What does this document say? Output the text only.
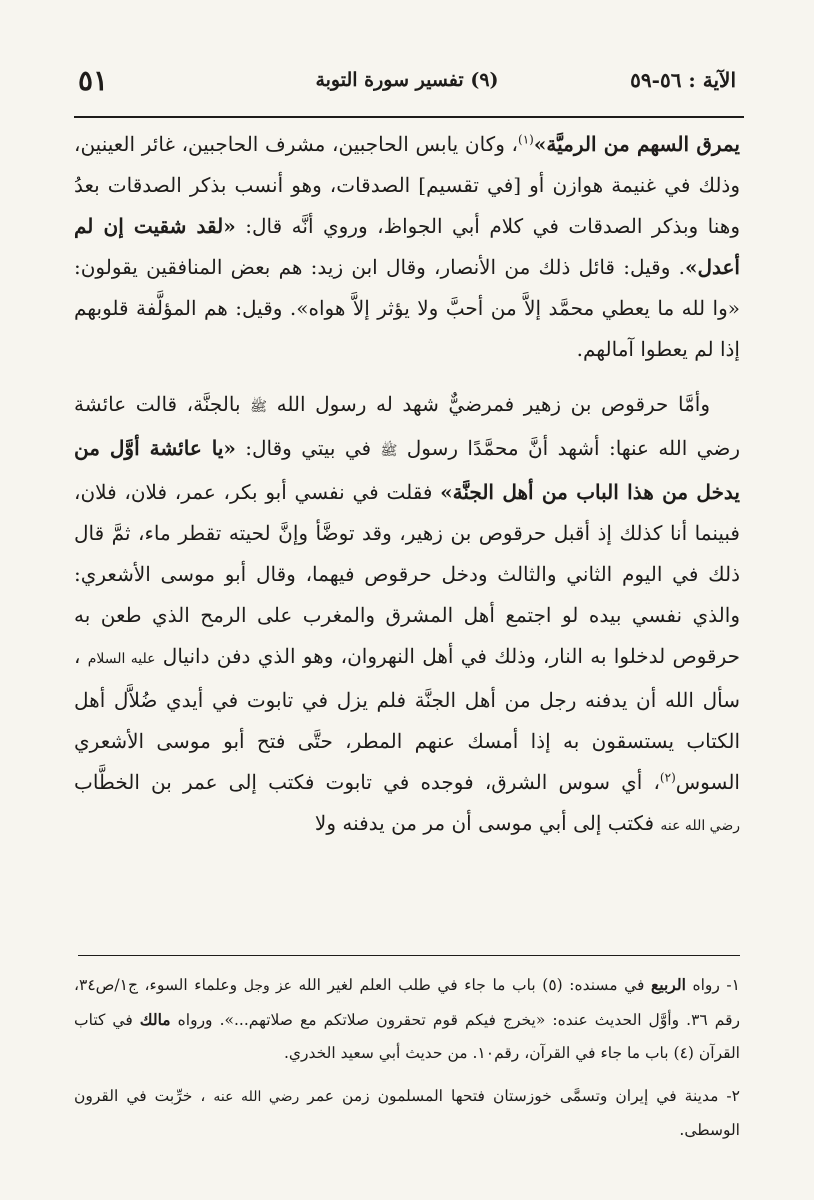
الآية : ٥٦-٥٩
(٩) تفسير سورة التوبة
٥١

يمرق السهم من الرميَّة»$^{(١)}$، وكان يابس الحاجبين، مشرف الحاجبين، غائر العينين، وذلك في غنيمة هوازن أو [في تقسيم] الصدقات، وهو أنسب بذكر الصدقات بعدُ وهنا وبذكر الصدقات في كلام أبي الجواظ، وروي أنَّه قال: «لقد شقيت إن لم أعدل». وقيل: قائل ذلك من الأنصار، وقال ابن زيد: هم بعض المنافقين يقولون: «وا لله ما يعطي محمَّد إلاَّ من أحبَّ ولا يؤثر إلاَّ هواه». وقيل: هم المؤلَّفة قلوبهم إذا لم يعطوا آمالهم.

وأمَّا حرقوص بن زهير فمرضيٌّ شهد له رسول الله ﷺ بالجنَّة، قالت عائشة رضي الله عنها: أشهد أنَّ محمَّدًا رسول ﷺ في بيتي وقال: «يا عائشة أوَّل من يدخل من هذا الباب من أهل الجنَّة» فقلت في نفسي أبو بكر، عمر، فلان، فلان، فبينما أنا كذلك إذ أقبل حرقوص بن زهير، وقد توضَّأ وإنَّ لحيته تقطر ماء، ثمَّ قال ذلك في اليوم الثاني والثالث ودخل حرقوص فيهما، وقال أبو موسى الأشعري: والذي نفسي بيده لو اجتمع أهل المشرق والمغرب على الرمح الذي طعن به حرقوص لدخلوا به النار، وذلك في أهل النهروان، وهو الذي دفن دانيال عليه السلام ، سأل الله أن يدفنه رجل من أهل الجنَّة فلم يزل في تابوت في أيدي ضُلاَّل أهل الكتاب يستسقون به إذا أمسك عنهم المطر، حتَّى فتح أبو موسى الأشعري السوس$^{(٢)}$، أي سوس الشرق، فوجده في تابوت فكتب إلى عمر بن الخطَّاب رضي الله عنه فكتب إلى أبي موسى أن مر من يدفنه ولا

١- رواه الربيع في مسنده: (٥) باب ما جاء في طلب العلم لغير الله عز وجل وعلماء السوء، ج١/ص٣٤، رقم ٣٦. وأوَّل الحديث عنده: «يخرج فيكم قوم تحقرون صلاتكم مع صلاتهم...». ورواه مالك في كتاب القرآن (٤) باب ما جاء في القرآن، رقم١٠. من حديث أبي سعيد الخدري.

٢- مدينة في إيران وتسمَّى خوزستان فتحها المسلمون زمن عمر رضي الله عنه ، خرِّبت في القرون الوسطى.
